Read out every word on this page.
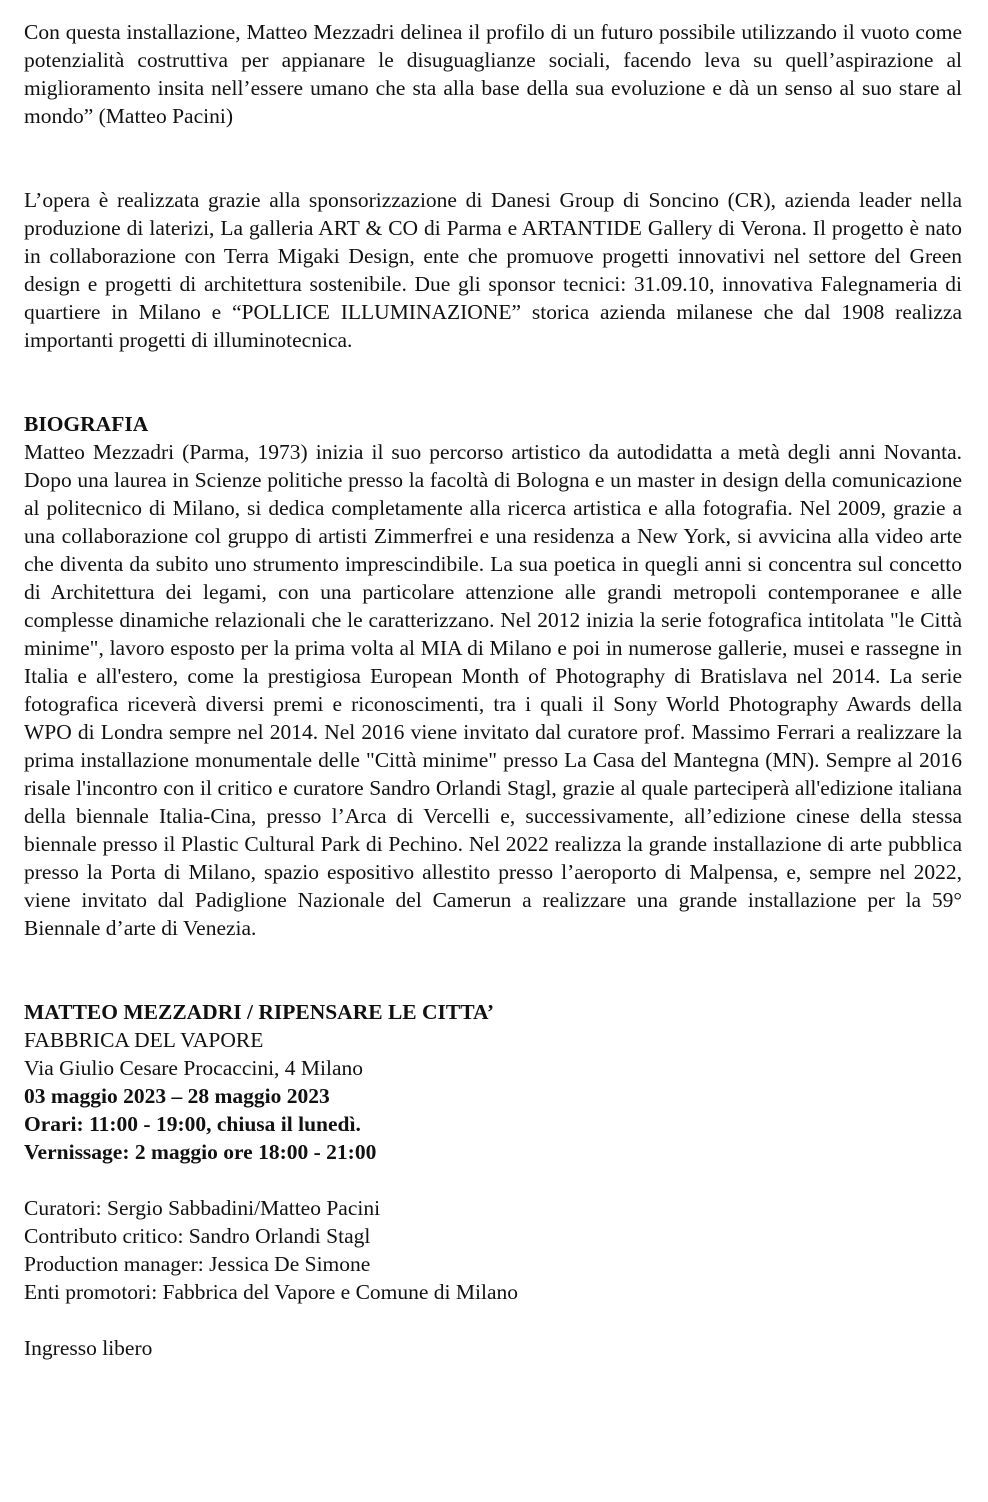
Con questa installazione, Matteo Mezzadri delinea il profilo di un futuro possibile utilizzando il vuoto come potenzialità costruttiva per appianare le disuguaglianze sociali, facendo leva su quell’aspirazione al miglioramento insita nell’essere umano che sta alla base della sua evoluzione e dà un senso al suo stare al mondo” (Matteo Pacini)

L’opera è realizzata grazie alla sponsorizzazione di Danesi Group di Soncino (CR), azienda leader nella produzione di laterizi, La galleria ART & CO di Parma e ARTANTIDE Gallery di Verona. Il progetto è nato in collaborazione con Terra Migaki Design, ente che promuove progetti innovativi nel settore del Green design e progetti di architettura sostenibile. Due gli sponsor tecnici: 31.09.10, innovativa Falegnameria di quartiere in Milano e “POLLICE ILLUMINAZIONE” storica azienda milanese che dal 1908 realizza importanti progetti di illuminotecnica.

BIOGRAFIA

Matteo Mezzadri (Parma, 1973) inizia il suo percorso artistico da autodidatta a metà degli anni Novanta. Dopo una laurea in Scienze politiche presso la facoltà di Bologna e un master in design della comunicazione al politecnico di Milano, si dedica completamente alla ricerca artistica e alla fotografia. Nel 2009, grazie a una collaborazione col gruppo di artisti Zimmerfrei e una residenza a New York, si avvicina alla video arte che diventa da subito uno strumento imprescindibile. La sua poetica in quegli anni si concentra sul concetto di Architettura dei legami, con una particolare attenzione alle grandi metropoli contemporanee e alle complesse dinamiche relazionali che le caratterizzano. Nel 2012 inizia la serie fotografica intitolata "le Città minime", lavoro esposto per la prima volta al MIA di Milano e poi in numerose gallerie, musei e rassegne in Italia e all'estero, come la prestigiosa European Month of Photography di Bratislava nel 2014. La serie fotografica riceverà diversi premi e riconoscimenti, tra i quali il Sony World Photography Awards della WPO di Londra sempre nel 2014. Nel 2016 viene invitato dal curatore prof. Massimo Ferrari a realizzare la prima installazione monumentale delle "Città minime" presso La Casa del Mantegna (MN). Sempre al 2016 risale l'incontro con il critico e curatore Sandro Orlandi Stagl, grazie al quale parteciperà all'edizione italiana della biennale Italia-Cina, presso l’Arca di Vercelli e, successivamente, all’edizione cinese della stessa biennale presso il Plastic Cultural Park di Pechino. Nel 2022 realizza la grande installazione di arte pubblica presso la Porta di Milano, spazio espositivo allestito presso l’aeroporto di Malpensa, e, sempre nel 2022, viene invitato dal Padiglione Nazionale del Camerun a realizzare una grande installazione per la 59° Biennale d’arte di Venezia.

MATTEO MEZZADRI / RIPENSARE LE CITTA’

FABBRICA DEL VAPORE

Via Giulio Cesare Procaccini, 4 Milano

03 maggio 2023 – 28 maggio 2023

Orari: 11:00 - 19:00, chiusa il lunedì.

Vernissage: 2 maggio ore 18:00 - 21:00

Curatori: Sergio Sabbadini/Matteo Pacini

Contributo critico: Sandro Orlandi Stagl

Production manager: Jessica De Simone

Enti promotori: Fabbrica del Vapore e Comune di Milano

Ingresso libero
